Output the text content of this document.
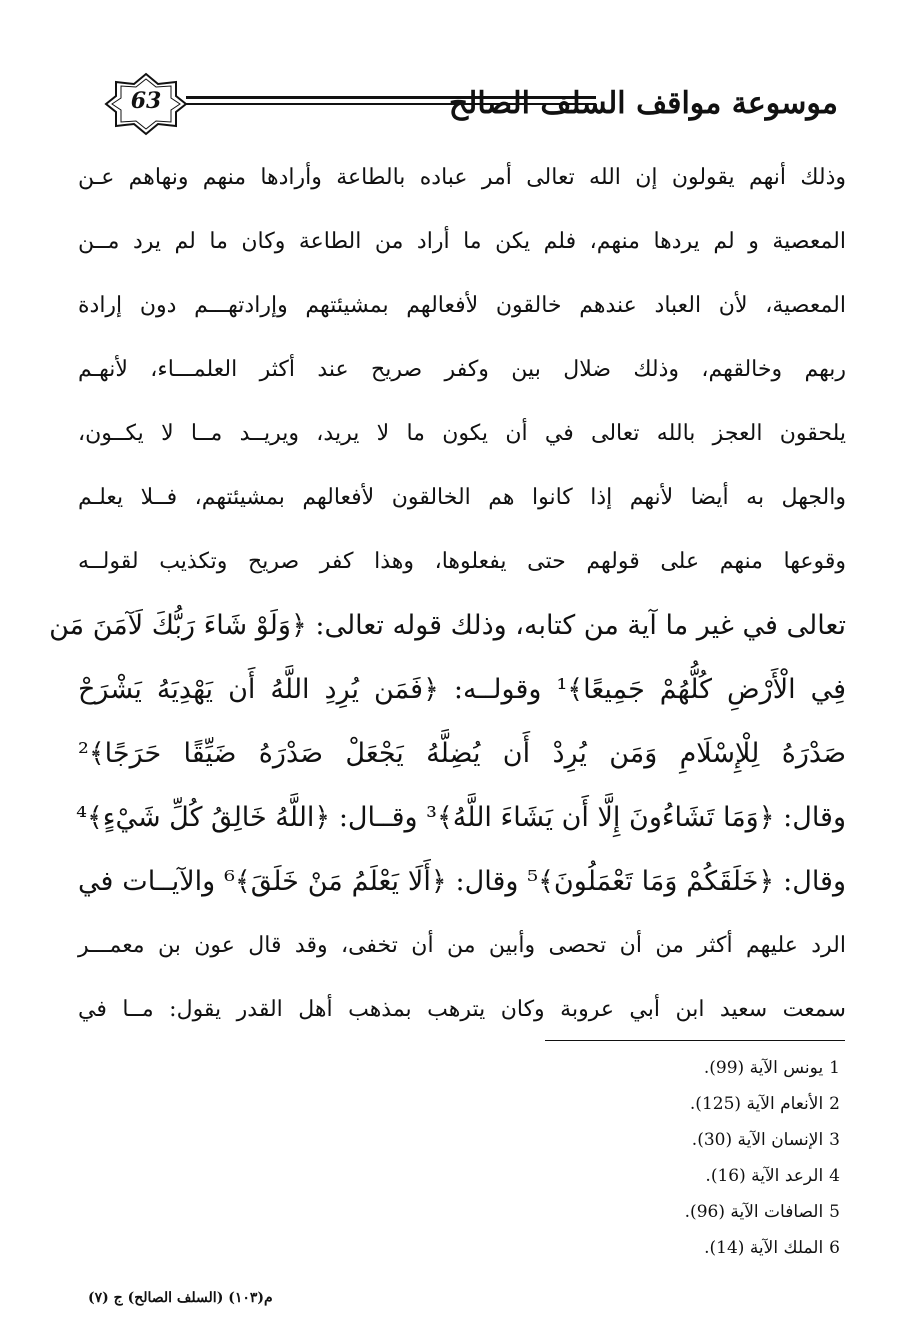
63	موسوعة مواقف السلف الصالح
وذلك أنهم يقولون إن الله تعالى أمر عباده بالطاعة وأرادها منهم ونهاهم عـن
المعصية و لم يردها منهم، فلم يكن ما أراد من الطاعة وكان ما لم يرد مــن
المعصية، لأن العباد عندهم خالقون لأفعالهم بمشيئتهم وإرادتهـــم دون إرادة
ربهم وخالقهم، وذلك ضلال بين وكفر صريح عند أكثر العلمـــاء، لأنهـم
يلحقون العجز بالله تعالى في أن يكون ما لا يريد، ويريــد مــا لا يكــون،
والجهل به أيضا لأنهم إذا كانوا هم الخالقون لأفعالهم بمشيئتهم، فــلا يعلـم
وقوعها منهم على قولهم حتى يفعلوها، وهذا كفر صريح وتكذيب لقولــه
تعالى في غير ما آية من كتابه، وذلك قوله تعالى: ﴿وَلَوْ شَاءَ رَبُّكَ لَآمَنَ مَن
فِي الْأَرْضِ كُلُّهُمْ جَمِيعًا﴾¹ وقولــه: ﴿فَمَن يُرِدِ اللَّهُ أَن يَهْدِيَهُ يَشْرَحْ
صَدْرَهُ لِلْإِسْلَامِ وَمَن يُرِدْ أَن يُضِلَّهُ يَجْعَلْ صَدْرَهُ ضَيِّقًا حَرَجًا﴾²
وقال: ﴿وَمَا تَشَاءُونَ إِلَّا أَن يَشَاءَ اللَّهُ﴾³ وقــال: ﴿اللَّهُ خَالِقُ كُلِّ شَيْءٍ﴾⁴
وقال: ﴿خَلَقَكُمْ وَمَا تَعْمَلُونَ﴾⁵ وقال: ﴿أَلَا يَعْلَمُ مَنْ خَلَقَ﴾⁶ والآيــات في
الرد عليهم أكثر من أن تحصى وأبين من أن تخفى، وقد قال عون بن معمـــر
سمعت سعيد ابن أبي عروبة وكان يترهب بمذهب أهل القدر يقول: مــا في
1يونس الآية (99).
2الأنعام الآية (125).
3الإنسان الآية (30).
4الرعد الآية (16).
5الصافات الآية (96).
6الملك الآية (14).
م(١٠٣) (السلف الصالح) ج (٧)
